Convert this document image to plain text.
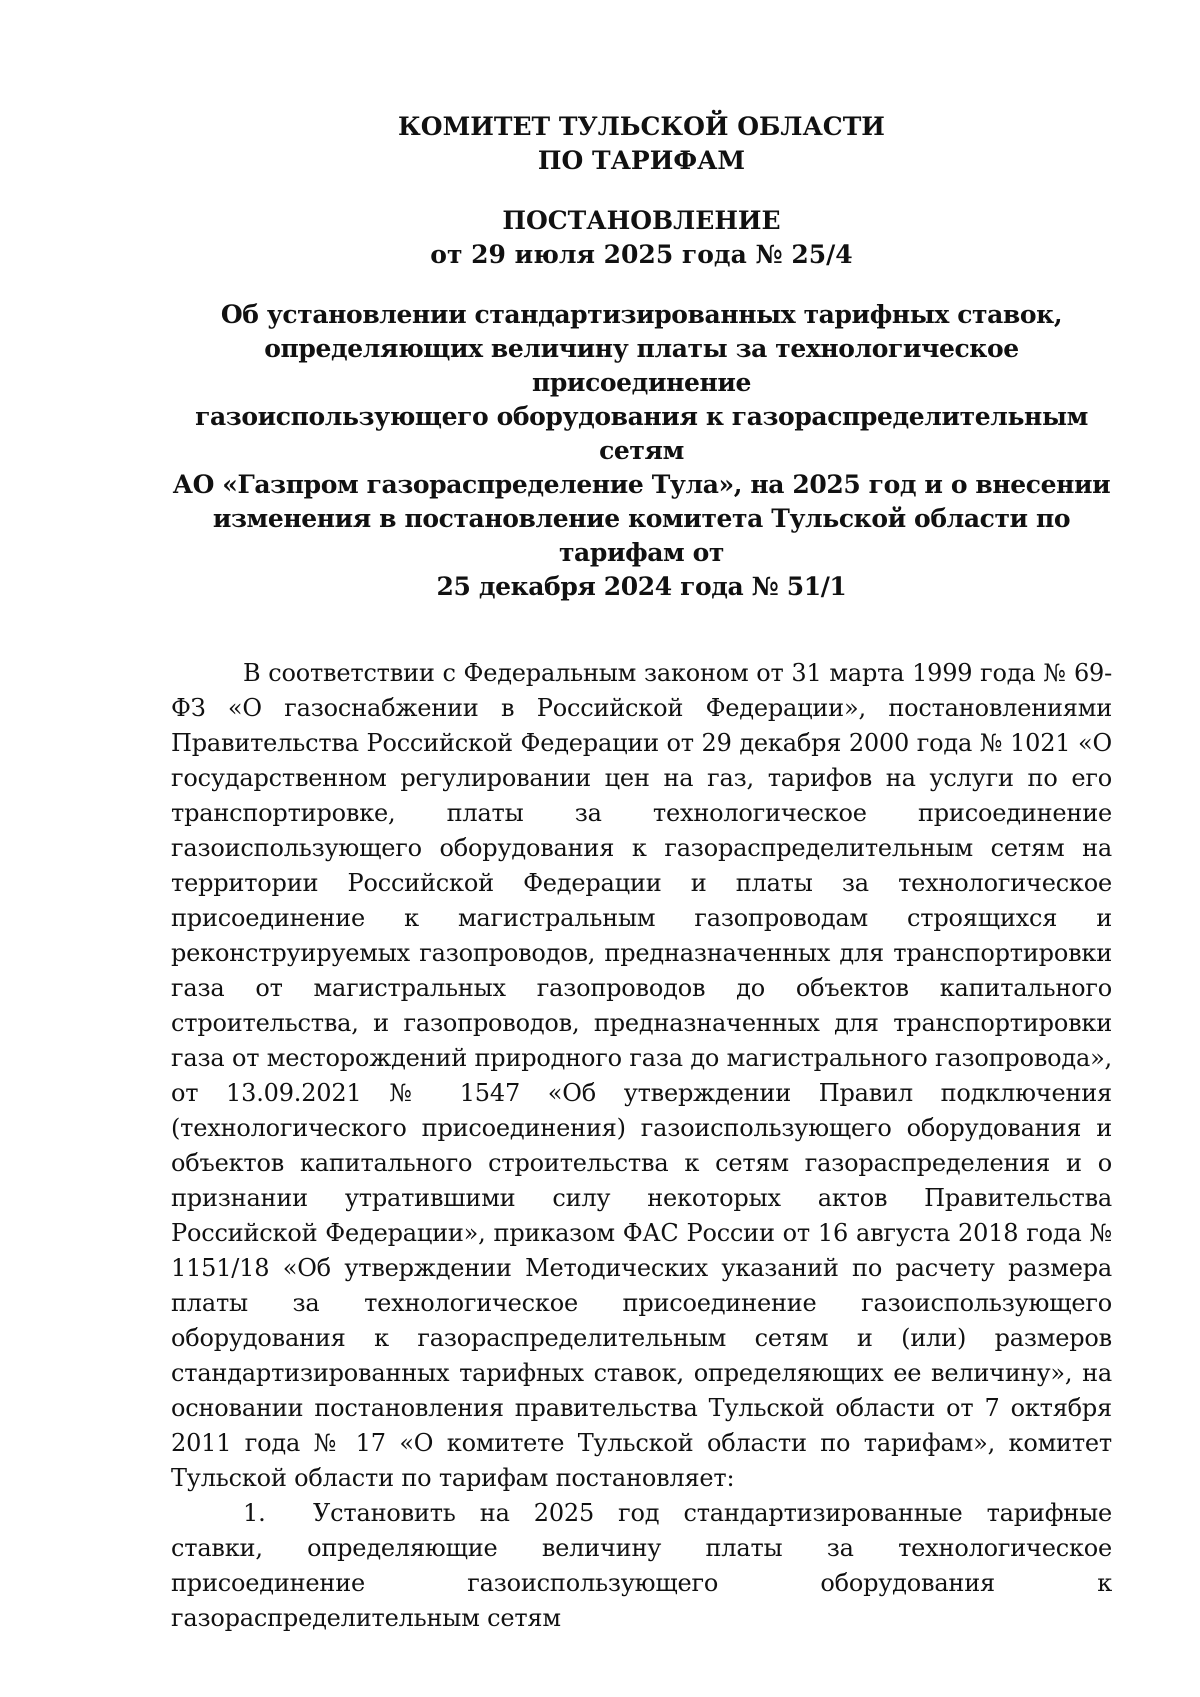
КОМИТЕТ ТУЛЬСКОЙ ОБЛАСТИ
ПО ТАРИФАМ
ПОСТАНОВЛЕНИЕ
от 29 июля 2025 года № 25/4
Об установлении стандартизированных тарифных ставок,
определяющих величину платы за технологическое присоединение
газоиспользующего оборудования к газораспределительным сетям
АО «Газпром газораспределение Тула», на 2025 год и о внесении
изменения в постановление комитета Тульской области по тарифам от
25 декабря 2024 года № 51/1

В соответствии с Федеральным законом от 31 марта 1999 года № 69-ФЗ «О газоснабжении в Российской Федерации», постановлениями Правительства Российской Федерации от 29 декабря 2000 года № 1021 «О государственном регулировании цен на газ, тарифов на услуги по его транспортировке, платы за технологическое присоединение газоиспользующего оборудования к газораспределительным сетям на территории Российской Федерации и платы за технологическое присоединение к магистральным газопроводам строящихся и реконструируемых газопроводов, предназначенных для транспортировки газа от магистральных газопроводов до объектов капитального строительства, и газопроводов, предназначенных для транспортировки газа от месторождений природного газа до магистрального газопровода», от 13.09.2021 № 1547 «Об утверждении Правил подключения (технологического присоединения) газоиспользующего оборудования и объектов капитального строительства к сетям газораспределения и о признании утратившими силу некоторых актов Правительства Российской Федерации», приказом ФАС России от 16 августа 2018 года № 1151/18 «Об утверждении Методических указаний по расчету размера платы за технологическое присоединение газоиспользующего оборудования к газораспределительным сетям и (или) размеров стандартизированных тарифных ставок, определяющих ее величину», на основании постановления правительства Тульской области от 7 октября 2011 года № 17 «О комитете Тульской области по тарифам», комитет Тульской области по тарифам постановляет:

1. Установить на 2025 год стандартизированные тарифные ставки, определяющие величину платы за технологическое присоединение газоиспользующего оборудования к газораспределительным сетям
